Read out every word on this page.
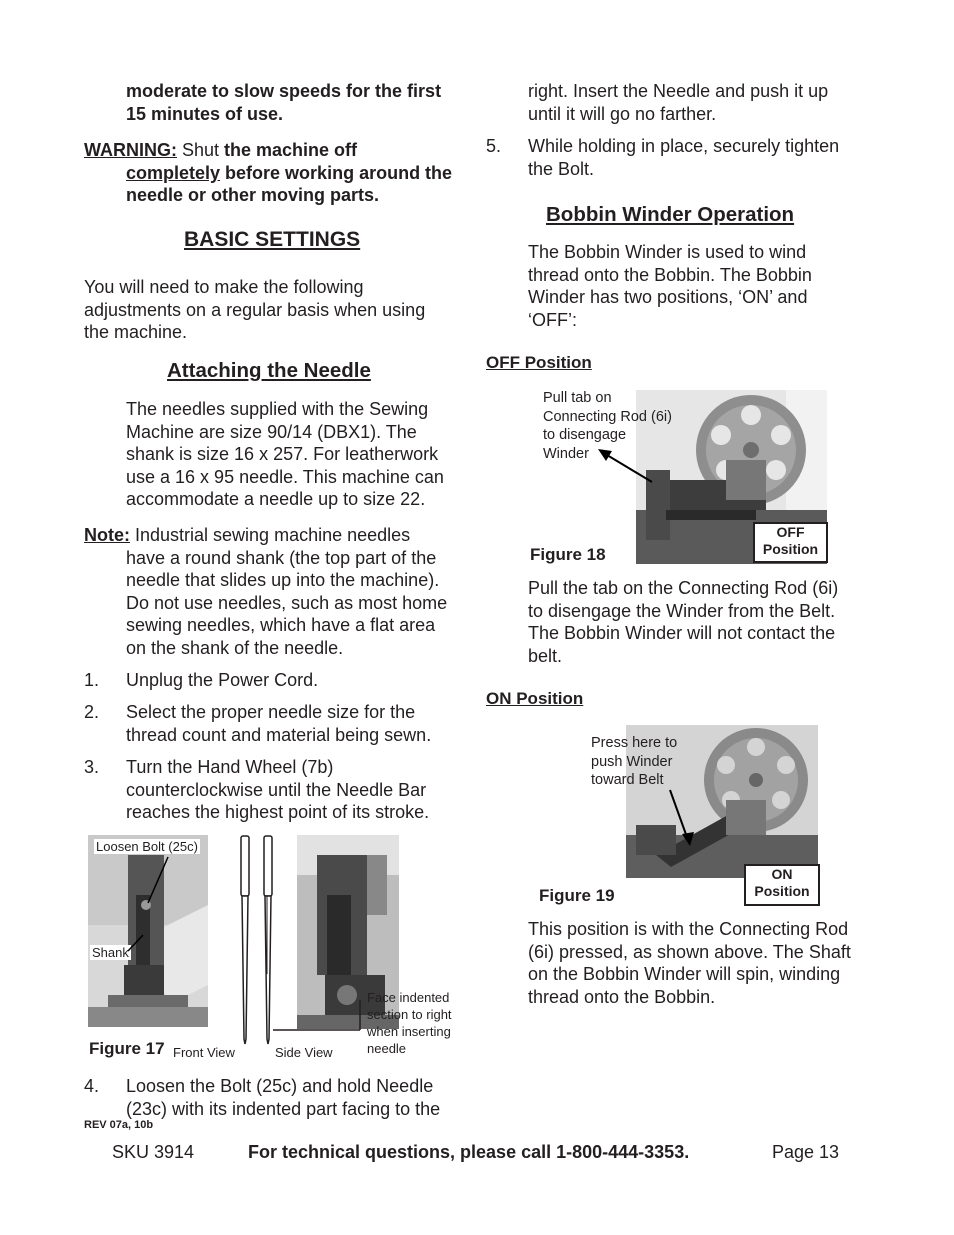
moderate to slow speeds for the first
15 minutes of use.
WARNING: Shut the machine off
completely before working around the
needle or other moving parts.
BASIC SETTINGS
You will need to make the following
adjustments on a regular basis when using
the machine.
Attaching the Needle
The needles supplied with the Sewing
Machine are size 90/14 (DBX1). The
shank is size 16 x 257. For leatherwork
use a 16 x 95 needle. This machine can
accommodate a needle up to size 22.
Note: Industrial sewing machine needles
have a round shank (the top part of the
needle that slides up into the machine).
Do not use needles, such as most home
sewing needles, which have a flat area
on the shank of the needle.
1. Unplug the Power Cord.
2. Select the proper needle size for the
thread count and material being sewn.
3. Turn the Hand Wheel (7b)
counterclockwise until the Needle Bar
reaches the highest point of its stroke.
Loosen Bolt (25c)
Shank
Figure 17 Front View	Side View
Face indented
section to right
when inserting
needle
4. Loosen the Bolt (25c) and hold Needle
(23c) with its indented part facing to the
REV 07a, 10b
right. Insert the Needle and push it up
until it will go no farther.
5. While holding in place, securely tighten
the Bolt.
Bobbin Winder Operation
The Bobbin Winder is used to wind
thread onto the Bobbin. The Bobbin
Winder has two positions, ‘ON’ and
‘OFF’:
OFF Position
Pull tab on
Connecting Rod (6i)
to disengage
Winder
OFF
Position
Figure 18
Pull the tab on the Connecting Rod (6i)
to disengage the Winder from the Belt.
The Bobbin Winder will not contact the
belt.
ON Position
Press here to
push Winder
toward Belt
ON
Position
Figure 19
This position is with the Connecting Rod
(6i) pressed, as shown above. The Shaft
on the Bobbin Winder will spin, winding
thread onto the Bobbin.
SKU 3914	For technical questions, please call 1-800-444-3353.	Page 13
